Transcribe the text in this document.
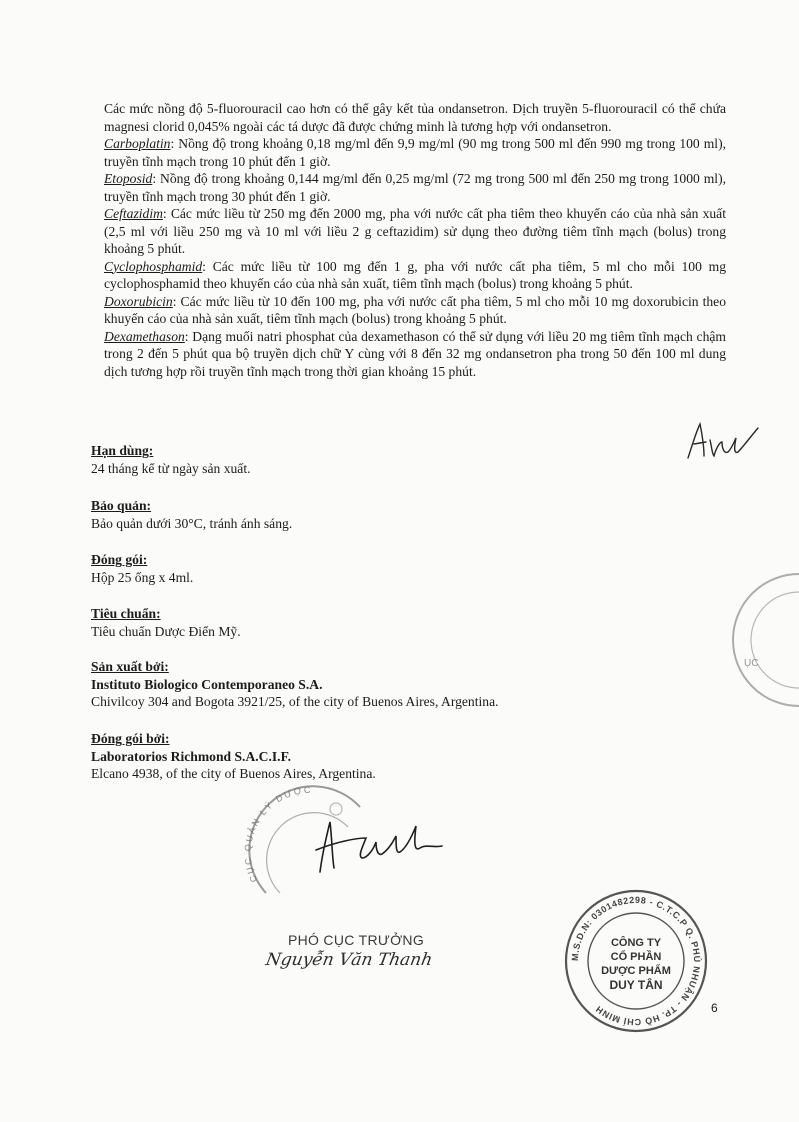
Các mức nồng độ 5-fluorouracil cao hơn có thể gây kết tủa ondansetron. Dịch truyền 5-fluorouracil có thể chứa magnesi clorid 0,045% ngoài các tá dược đã được chứng minh là tương hợp với ondansetron.

Carboplatin: Nồng độ trong khoảng 0,18 mg/ml đến 9,9 mg/ml (90 mg trong 500 ml đến 990 mg trong 100 ml), truyền tĩnh mạch trong 10 phút đến 1 giờ.

Etoposid: Nồng độ trong khoảng 0,144 mg/ml đến 0,25 mg/ml (72 mg trong 500 ml đến 250 mg trong 1000 ml), truyền tĩnh mạch trong 30 phút đến 1 giờ.

Ceftazidim: Các mức liều từ 250 mg đến 2000 mg, pha với nước cất pha tiêm theo khuyến cáo của nhà sản xuất (2,5 ml với liều 250 mg và 10 ml với liều 2 g ceftazidim) sử dụng theo đường tiêm tĩnh mạch (bolus) trong khoảng 5 phút.

Cyclophosphamid: Các mức liều từ 100 mg đến 1 g, pha với nước cất pha tiêm, 5 ml cho mỗi 100 mg cyclophosphamid theo khuyến cáo của nhà sản xuất, tiêm tĩnh mạch (bolus) trong khoảng 5 phút.

Doxorubicin: Các mức liều từ 10 đến 100 mg, pha với nước cất pha tiêm, 5 ml cho mỗi 10 mg doxorubicin theo khuyến cáo của nhà sản xuất, tiêm tĩnh mạch (bolus) trong khoảng 5 phút.

Dexamethason: Dạng muối natri phosphat của dexamethason có thể sử dụng với liều 20 mg tiêm tĩnh mạch chậm trong 2 đến 5 phút qua bộ truyền dịch chữ Y cùng với 8 đến 32 mg ondansetron pha trong 50 đến 100 ml dung dịch tương hợp rồi truyền tĩnh mạch trong thời gian khoảng 15 phút.

Hạn dùng:
24 tháng kể từ ngày sản xuất.
Bảo quản:
Bảo quản dưới 30°C, tránh ánh sáng.
Đóng gói:
Hộp 25 ống x 4ml.
Tiêu chuẩn:
Tiêu chuẩn Dược Điển Mỹ.
Sản xuất bởi:
Instituto Biologico Contemporaneo S.A.
Chivilcoy 304 and Bogota 3921/25, of the city of Buenos Aires, Argentina.
Đóng gói bởi:
Laboratorios Richmond S.A.C.I.F.
Elcano 4938, of the city of Buenos Aires, Argentina.
CỤC QUẢN LÝ DƯỢC
PHÓ CỤC TRƯỞNG
Nguyễn Văn Thanh	M.S.D.N: 0301482298 - C.T.C.P Q. PHÚ NHUẬN - TP. HỒ CHÍ MINH
CÔNG TY
CỔ PHẦN
DƯỢC PHẨM
DUY TÂN
ỤC
6
